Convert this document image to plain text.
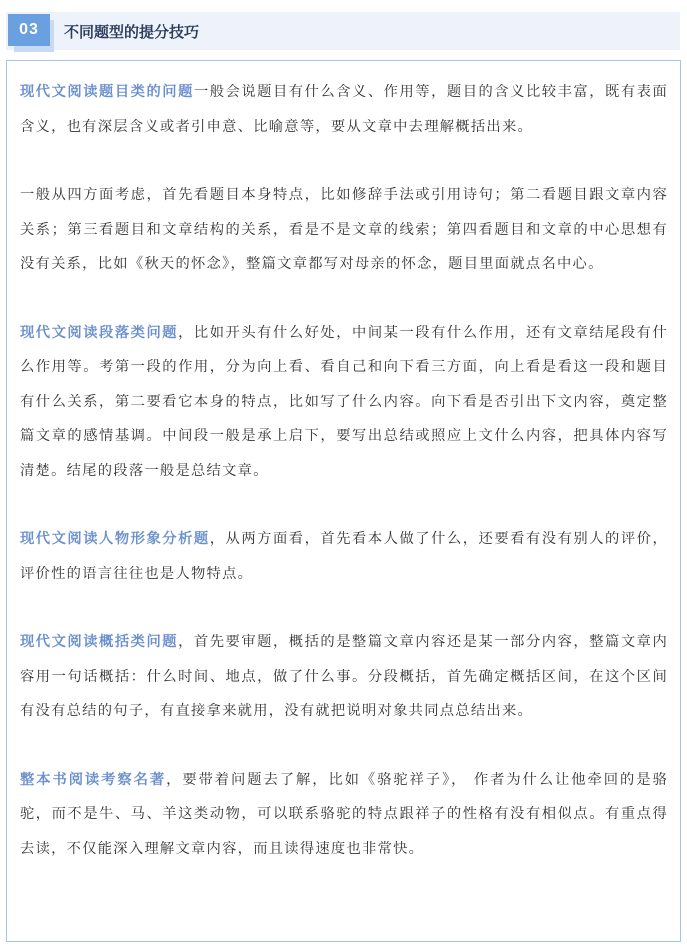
03	不同题型的提分技巧

现代文阅读题目类的问题一般会说题目有什么含义、作用等，题目的含义比较丰富，既有表面含义，也有深层含义或者引申意、比喻意等，要从文章中去理解概括出来。

一般从四方面考虑，首先看题目本身特点，比如修辞手法或引用诗句；第二看题目跟文章内容关系；第三看题目和文章结构的关系，看是不是文章的线索；第四看题目和文章的中心思想有没有关系，比如《秋天的怀念》，整篇文章都写对母亲的怀念，题目里面就点名中心。

现代文阅读段落类问题，比如开头有什么好处，中间某一段有什么作用，还有文章结尾段有什么作用等。考第一段的作用，分为向上看、看自己和向下看三方面，向上看是看这一段和题目有什么关系，第二要看它本身的特点，比如写了什么内容。向下看是否引出下文内容，奠定整篇文章的感情基调。中间段一般是承上启下，要写出总结或照应上文什么内容，把具体内容写清楚。结尾的段落一般是总结文章。

现代文阅读人物形象分析题，从两方面看，首先看本人做了什么，还要看有没有别人的评价，评价性的语言往往也是人物特点。

现代文阅读概括类问题，首先要审题，概括的是整篇文章内容还是某一部分内容，整篇文章内容用一句话概括：什么时间、地点，做了什么事。分段概括，首先确定概括区间，在这个区间有没有总结的句子，有直接拿来就用，没有就把说明对象共同点总结出来。

整本书阅读考察名著，要带着问题去了解，比如《骆驼祥子》， 作者为什么让他牵回的是骆驼，而不是牛、马、羊这类动物，可以联系骆驼的特点跟祥子的性格有没有相似点。有重点得去读，不仅能深入理解文章内容，而且读得速度也非常快。
